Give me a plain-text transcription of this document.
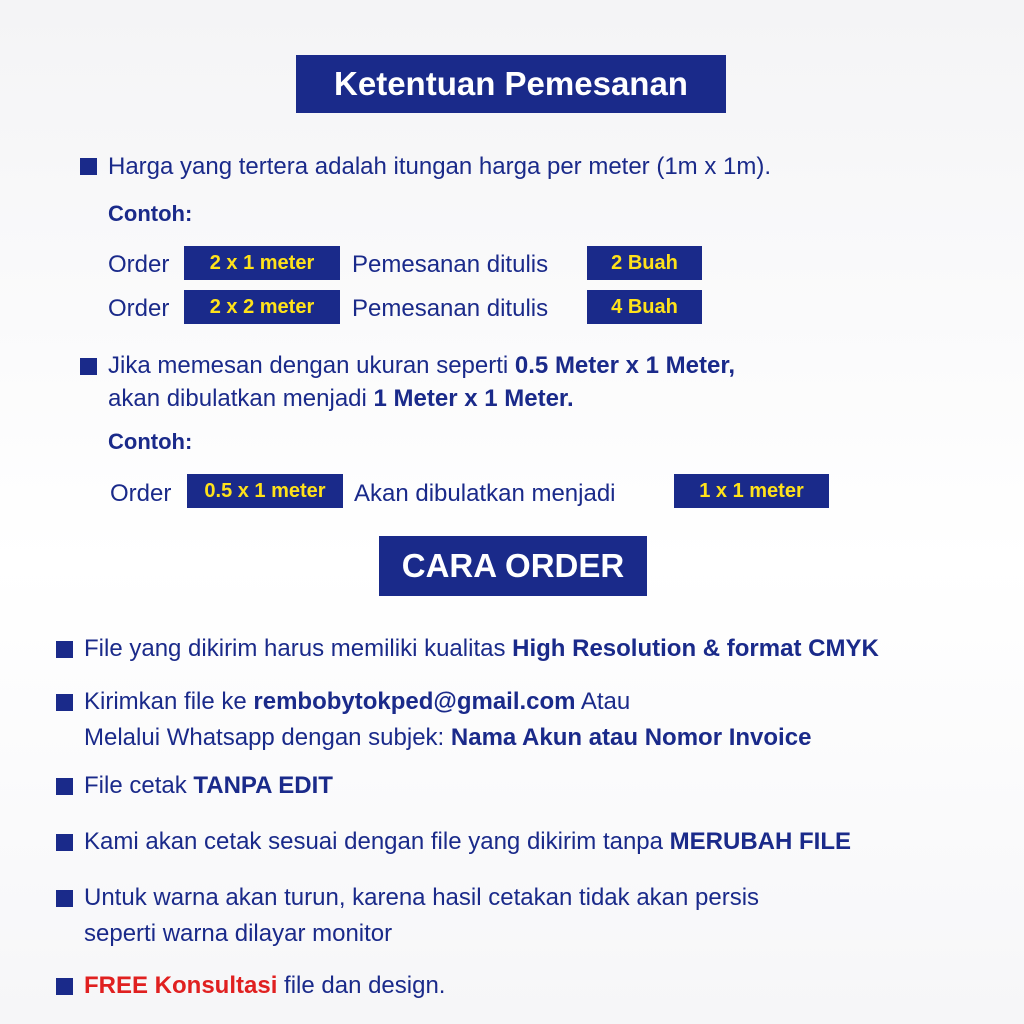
Ketentuan Pemesanan
Harga yang tertera adalah itungan harga per meter (1m x 1m).
Contoh:
Order	2 x 1 meter	Pemesanan ditulis	2 Buah
Order	2 x 2 meter	Pemesanan ditulis	4 Buah
Jika memesan dengan ukuran seperti 0.5 Meter x 1 Meter,
akan dibulatkan menjadi 1 Meter x 1 Meter.
Contoh:
Order	0.5 x 1 meter	Akan dibulatkan menjadi	1 x 1 meter
CARA ORDER
File yang dikirim harus memiliki kualitas High Resolution & format CMYK
Kirimkan file ke rembobytokped@gmail.com Atau
Melalui Whatsapp dengan subjek: Nama Akun atau Nomor Invoice
File cetak TANPA EDIT
Kami akan cetak sesuai dengan file yang dikirim tanpa MERUBAH FILE
Untuk warna akan turun, karena hasil cetakan tidak akan persis
seperti warna dilayar monitor
FREE Konsultasi file dan design.
